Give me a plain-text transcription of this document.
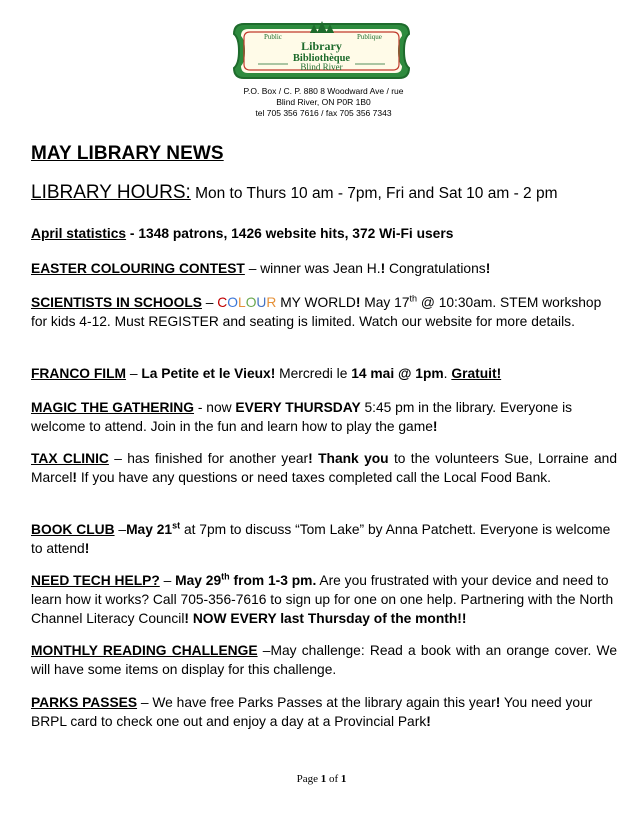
Public	Publique
Library
Bibliothèque
Blind River
P.O. Box / C. P. 880 8 Woodward Ave / rue
Blind River, ON P0R 1B0
tel 705 356 7616 / fax 705 356 7343
MAY LIBRARY NEWS
LIBRARY HOURS: Mon to Thurs 10 am - 7pm, Fri and Sat 10 am - 2 pm
April statistics - 1348 patrons, 1426 website hits, 372 Wi-Fi users
EASTER COLOURING CONTEST – winner was Jean H.! Congratulations!
SCIENTISTS IN SCHOOLS – COLOUR MY WORLD! May 17th @ 10:30am. STEM workshop for kids 4-12. Must REGISTER and seating is limited. Watch our website for more details.
FRANCO FILM – La Petite et le Vieux! Mercredi le 14 mai @ 1pm. Gratuit!
MAGIC THE GATHERING - now EVERY THURSDAY 5:45 pm in the library. Everyone is welcome to attend. Join in the fun and learn how to play the game!
TAX CLINIC – has finished for another year! Thank you to the volunteers Sue, Lorraine and Marcel! If you have any questions or need taxes completed call the Local Food Bank.
BOOK CLUB –May 21st at 7pm to discuss “Tom Lake” by Anna Patchett. Everyone is welcome to attend!
NEED TECH HELP? – May 29th from 1-3 pm. Are you frustrated with your device and need to learn how it works? Call 705-356-7616 to sign up for one on one help. Partnering with the North Channel Literacy Council! NOW EVERY last Thursday of the month!!
MONTHLY READING CHALLENGE –May challenge: Read a book with an orange cover. We will have some items on display for this challenge.
PARKS PASSES – We have free Parks Passes at the library again this year! You need your BRPL card to check one out and enjoy a day at a Provincial Park!
Page 1 of 1
